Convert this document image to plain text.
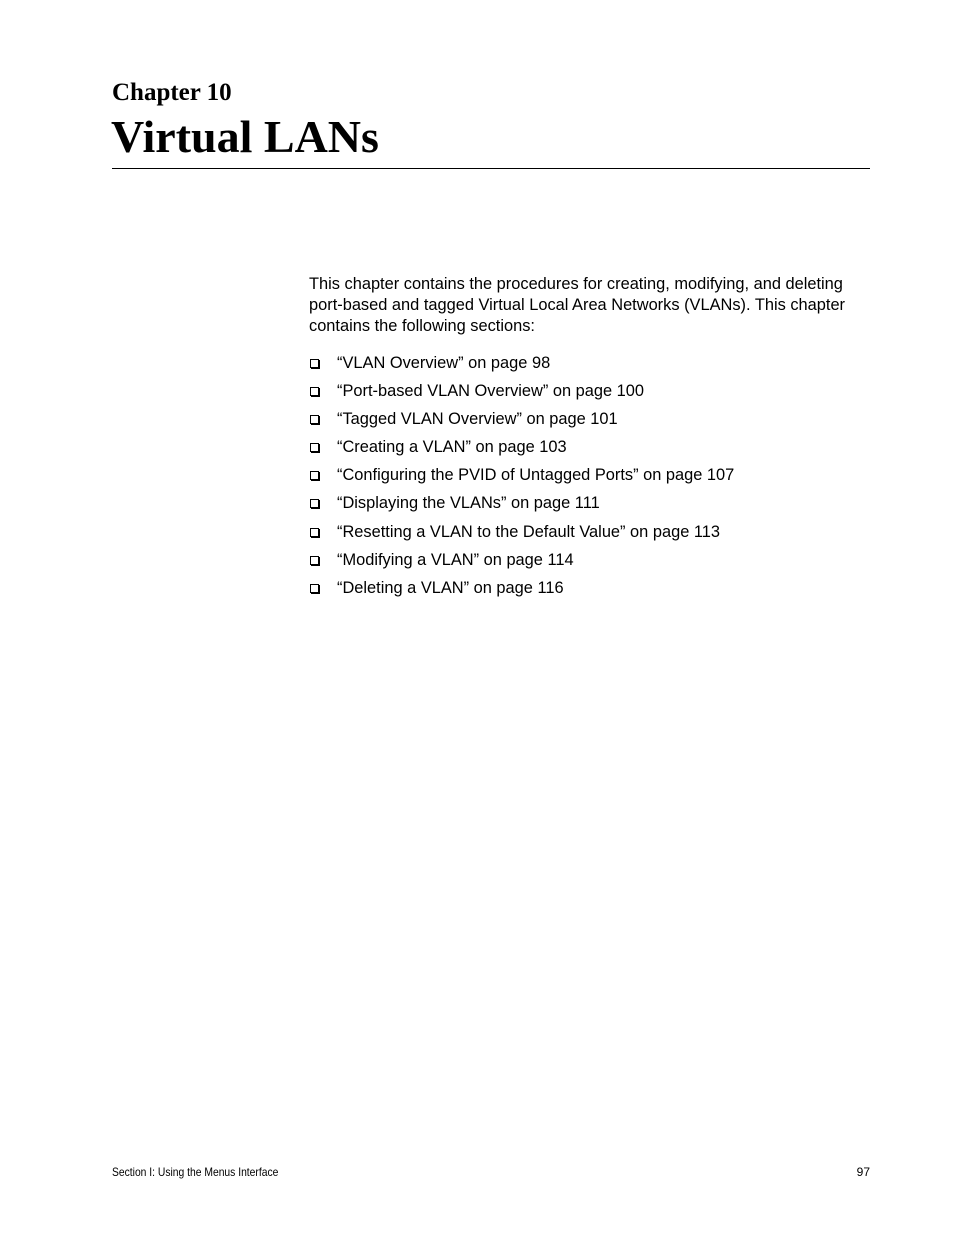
Chapter 10
Virtual LANs

This chapter contains the procedures for creating, modifying, and deleting port-based and tagged Virtual Local Area Networks (VLANs). This chapter contains the following sections:

“VLAN Overview” on page 98
“Port-based VLAN Overview” on page 100
“Tagged VLAN Overview” on page 101
“Creating a VLAN” on page 103
“Configuring the PVID of Untagged Ports” on page 107
“Displaying the VLANs” on page 111
“Resetting a VLAN to the Default Value” on page 113
“Modifying a VLAN” on page 114
“Deleting a VLAN” on page 116
Section I: Using the Menus Interface	97
